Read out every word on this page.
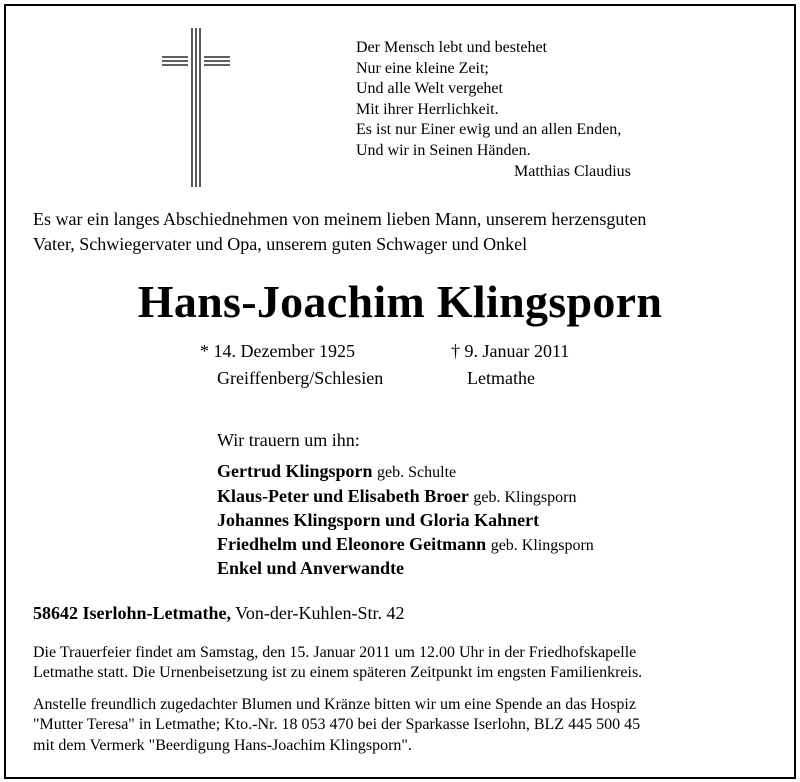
Der Mensch lebt und bestehet
Nur eine kleine Zeit;
Und alle Welt vergehet
Mit ihrer Herrlichkeit.
Es ist nur Einer ewig und an allen Enden,
Und wir in Seinen Händen.
Matthias Claudius
Es war ein langes Abschiednehmen von meinem lieben Mann, unserem herzensguten
Vater, Schwiegervater und Opa, unserem guten Schwager und Onkel
Hans-Joachim Klingsporn
* 14. Dezember 1925
Greiffenberg/Schlesien
† 9. Januar 2011
Letmathe
Wir trauern um ihn:
Gertrud Klingsporn geb. Schulte
Klaus-Peter und Elisabeth Broer geb. Klingsporn
Johannes Klingsporn und Gloria Kahnert
Friedhelm und Eleonore Geitmann geb. Klingsporn
Enkel und Anverwandte
58642 Iserlohn-Letmathe, Von-der-Kuhlen-Str. 42
Die Trauerfeier findet am Samstag, den 15. Januar 2011 um 12.00 Uhr in der Friedhofskapelle
Letmathe statt. Die Urnenbeisetzung ist zu einem späteren Zeitpunkt im engsten Familienkreis.
Anstelle freundlich zugedachter Blumen und Kränze bitten wir um eine Spende an das Hospiz
"Mutter Teresa" in Letmathe; Kto.-Nr. 18 053 470 bei der Sparkasse Iserlohn, BLZ 445 500 45
mit dem Vermerk "Beerdigung Hans-Joachim Klingsporn".
